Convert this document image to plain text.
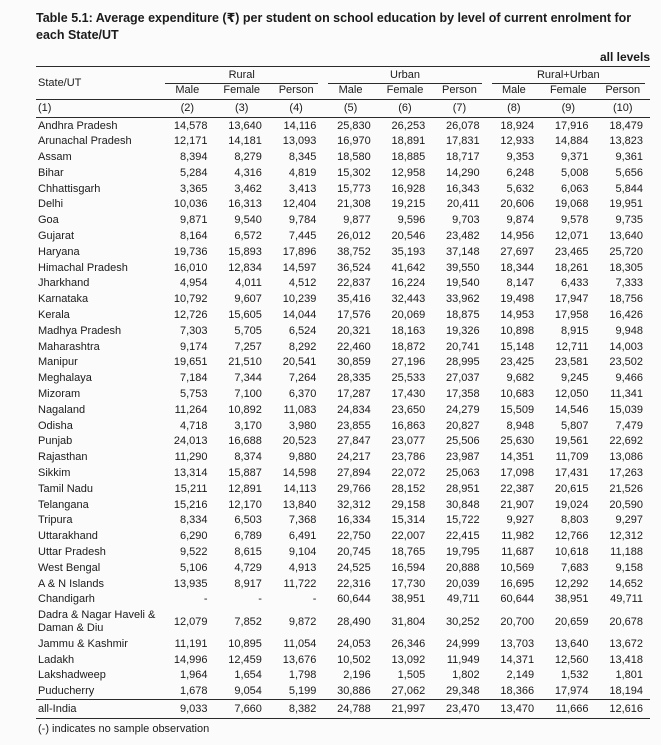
Table 5.1: Average expenditure (₹) per student on school education by level of current enrolment for each State/UT
all levels
State/UT	Rural			Urban			Rural+Urban		

	Male	Female	Person	Male	Female	Person	Male	Female	Person
(1)	(2)	(3)	(4)	(5)	(6)	(7)	(8)	(9)	(10)
Andhra Pradesh	14,578	13,640	14,116	25,830	26,253	26,078	18,924	17,916	18,479
Arunachal Pradesh	12,171	14,181	13,093	16,970	18,891	17,831	12,933	14,884	13,823
Assam	8,394	8,279	8,345	18,580	18,885	18,717	9,353	9,371	9,361
Bihar	5,284	4,316	4,819	15,302	12,958	14,290	6,248	5,008	5,656
Chhattisgarh	3,365	3,462	3,413	15,773	16,928	16,343	5,632	6,063	5,844
Delhi	10,036	16,313	12,404	21,308	19,215	20,411	20,606	19,068	19,951
Goa	9,871	9,540	9,784	9,877	9,596	9,703	9,874	9,578	9,735
Gujarat	8,164	6,572	7,445	26,012	20,546	23,482	14,956	12,071	13,640
Haryana	19,736	15,893	17,896	38,752	35,193	37,148	27,697	23,465	25,720
Himachal Pradesh	16,010	12,834	14,597	36,524	41,642	39,550	18,344	18,261	18,305
Jharkhand	4,954	4,011	4,512	22,837	16,224	19,540	8,147	6,433	7,333
Karnataka	10,792	9,607	10,239	35,416	32,443	33,962	19,498	17,947	18,756
Kerala	12,726	15,605	14,044	17,576	20,069	18,875	14,953	17,958	16,426
Madhya Pradesh	7,303	5,705	6,524	20,321	18,163	19,326	10,898	8,915	9,948
Maharashtra	9,174	7,257	8,292	22,460	18,872	20,741	15,148	12,711	14,003
Manipur	19,651	21,510	20,541	30,859	27,196	28,995	23,425	23,581	23,502
Meghalaya	7,184	7,344	7,264	28,335	25,533	27,037	9,682	9,245	9,466
Mizoram	5,753	7,100	6,370	17,287	17,430	17,358	10,683	12,050	11,341
Nagaland	11,264	10,892	11,083	24,834	23,650	24,279	15,509	14,546	15,039
Odisha	4,718	3,170	3,980	23,855	16,863	20,827	8,948	5,807	7,479
Punjab	24,013	16,688	20,523	27,847	23,077	25,506	25,630	19,561	22,692
Rajasthan	11,290	8,374	9,880	24,217	23,786	23,987	14,351	11,709	13,086
Sikkim	13,314	15,887	14,598	27,894	22,072	25,063	17,098	17,431	17,263
Tamil Nadu	15,211	12,891	14,113	29,766	28,152	28,951	22,387	20,615	21,526
Telangana	15,216	12,170	13,840	32,312	29,158	30,848	21,907	19,024	20,590
Tripura	8,334	6,503	7,368	16,334	15,314	15,722	9,927	8,803	9,297
Uttarakhand	6,290	6,789	6,491	22,750	22,007	22,415	11,982	12,766	12,312
Uttar Pradesh	9,522	8,615	9,104	20,745	18,765	19,795	11,687	10,618	11,188
West Bengal	5,106	4,729	4,913	24,525	16,594	20,888	10,569	7,683	9,158
A & N Islands	13,935	8,917	11,722	22,316	17,730	20,039	16,695	12,292	14,652
Chandigarh	-	-	-	60,644	38,951	49,711	60,644	38,951	49,711
Dadra & Nagar Haveli & Daman & Diu	12,079	7,852	9,872	28,490	31,804	30,252	20,700	20,659	20,678
Jammu & Kashmir	11,191	10,895	11,054	24,053	26,346	24,999	13,703	13,640	13,672
Ladakh	14,996	12,459	13,676	10,502	13,092	11,949	14,371	12,560	13,418
Lakshadweep	1,964	1,654	1,798	2,196	1,505	1,802	2,149	1,532	1,801
Puducherry	1,678	9,054	5,199	30,886	27,062	29,348	18,366	17,974	18,194
all-India	9,033	7,660	8,382	24,788	21,997	23,470	13,470	11,666	12,616
(-) indicates no sample observation
